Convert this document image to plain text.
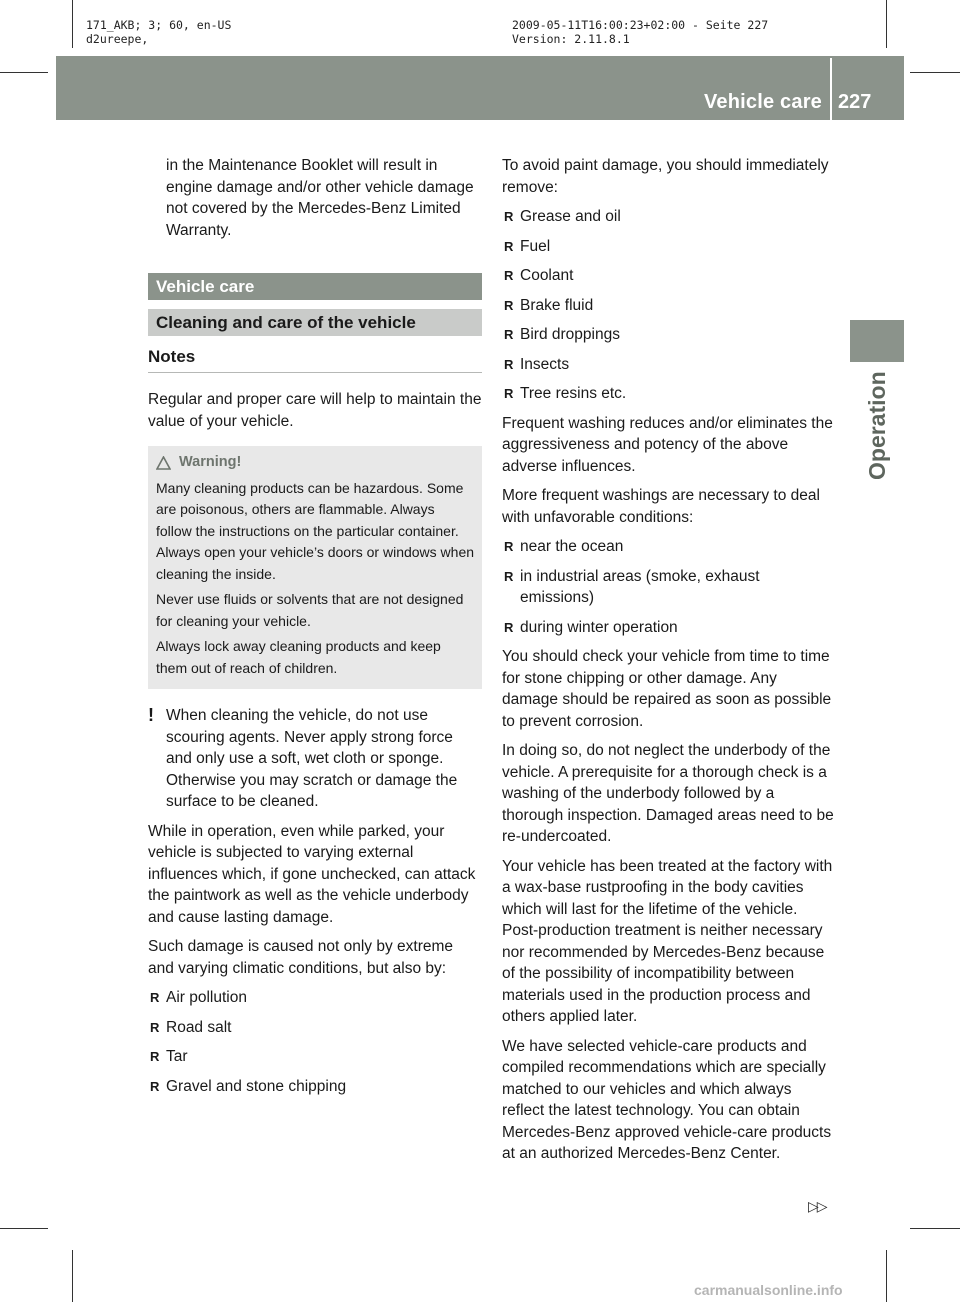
171_AKB; 3; 60, en-US
d2ureepe,
2009-05-11T16:00:23+02:00 - Seite 227
Version: 2.11.8.1
Vehicle care 227
Operation
in the Maintenance Booklet will result in engine damage and/or other vehicle damage not covered by the Mercedes-Benz Limited Warranty.
Vehicle care
Cleaning and care of the vehicle
Notes
Regular and proper care will help to maintain the value of your vehicle.
Warning!
Many cleaning products can be hazardous. Some are poisonous, others are flammable. Always follow the instructions on the particular container. Always open your vehicle’s doors or windows when cleaning the inside.
Never use fluids or solvents that are not designed for cleaning your vehicle.
Always lock away cleaning products and keep them out of reach of children.
! When cleaning the vehicle, do not use scouring agents. Never apply strong force and only use a soft, wet cloth or sponge. Otherwise you may scratch or damage the surface to be cleaned.
While in operation, even while parked, your vehicle is subjected to varying external influences which, if gone unchecked, can attack the paintwork as well as the vehicle underbody and cause lasting damage.
Such damage is caused not only by extreme and varying climatic conditions, but also by:
R Air pollution
R Road salt
R Tar
R Gravel and stone chipping
To avoid paint damage, you should immediately remove:
R Grease and oil
R Fuel
R Coolant
R Brake fluid
R Bird droppings
R Insects
R Tree resins etc.
Frequent washing reduces and/or eliminates the aggressiveness and potency of the above adverse influences.
More frequent washings are necessary to deal with unfavorable conditions:
R near the ocean
R in industrial areas (smoke, exhaust emissions)
R during winter operation
You should check your vehicle from time to time for stone chipping or other damage. Any damage should be repaired as soon as possible to prevent corrosion.
In doing so, do not neglect the underbody of the vehicle. A prerequisite for a thorough check is a washing of the underbody followed by a thorough inspection. Damaged areas need to be re-undercoated.
Your vehicle has been treated at the factory with a wax-base rustproofing in the body cavities which will last for the lifetime of the vehicle. Post-production treatment is neither necessary nor recommended by Mercedes-Benz because of the possibility of incompatibility between materials used in the production process and others applied later.
We have selected vehicle-care products and compiled recommendations which are specially matched to our vehicles and which always reflect the latest technology. You can obtain Mercedes-Benz approved vehicle-care products at an authorized Mercedes-Benz Center.
▷▷
carmanualsonline.info
